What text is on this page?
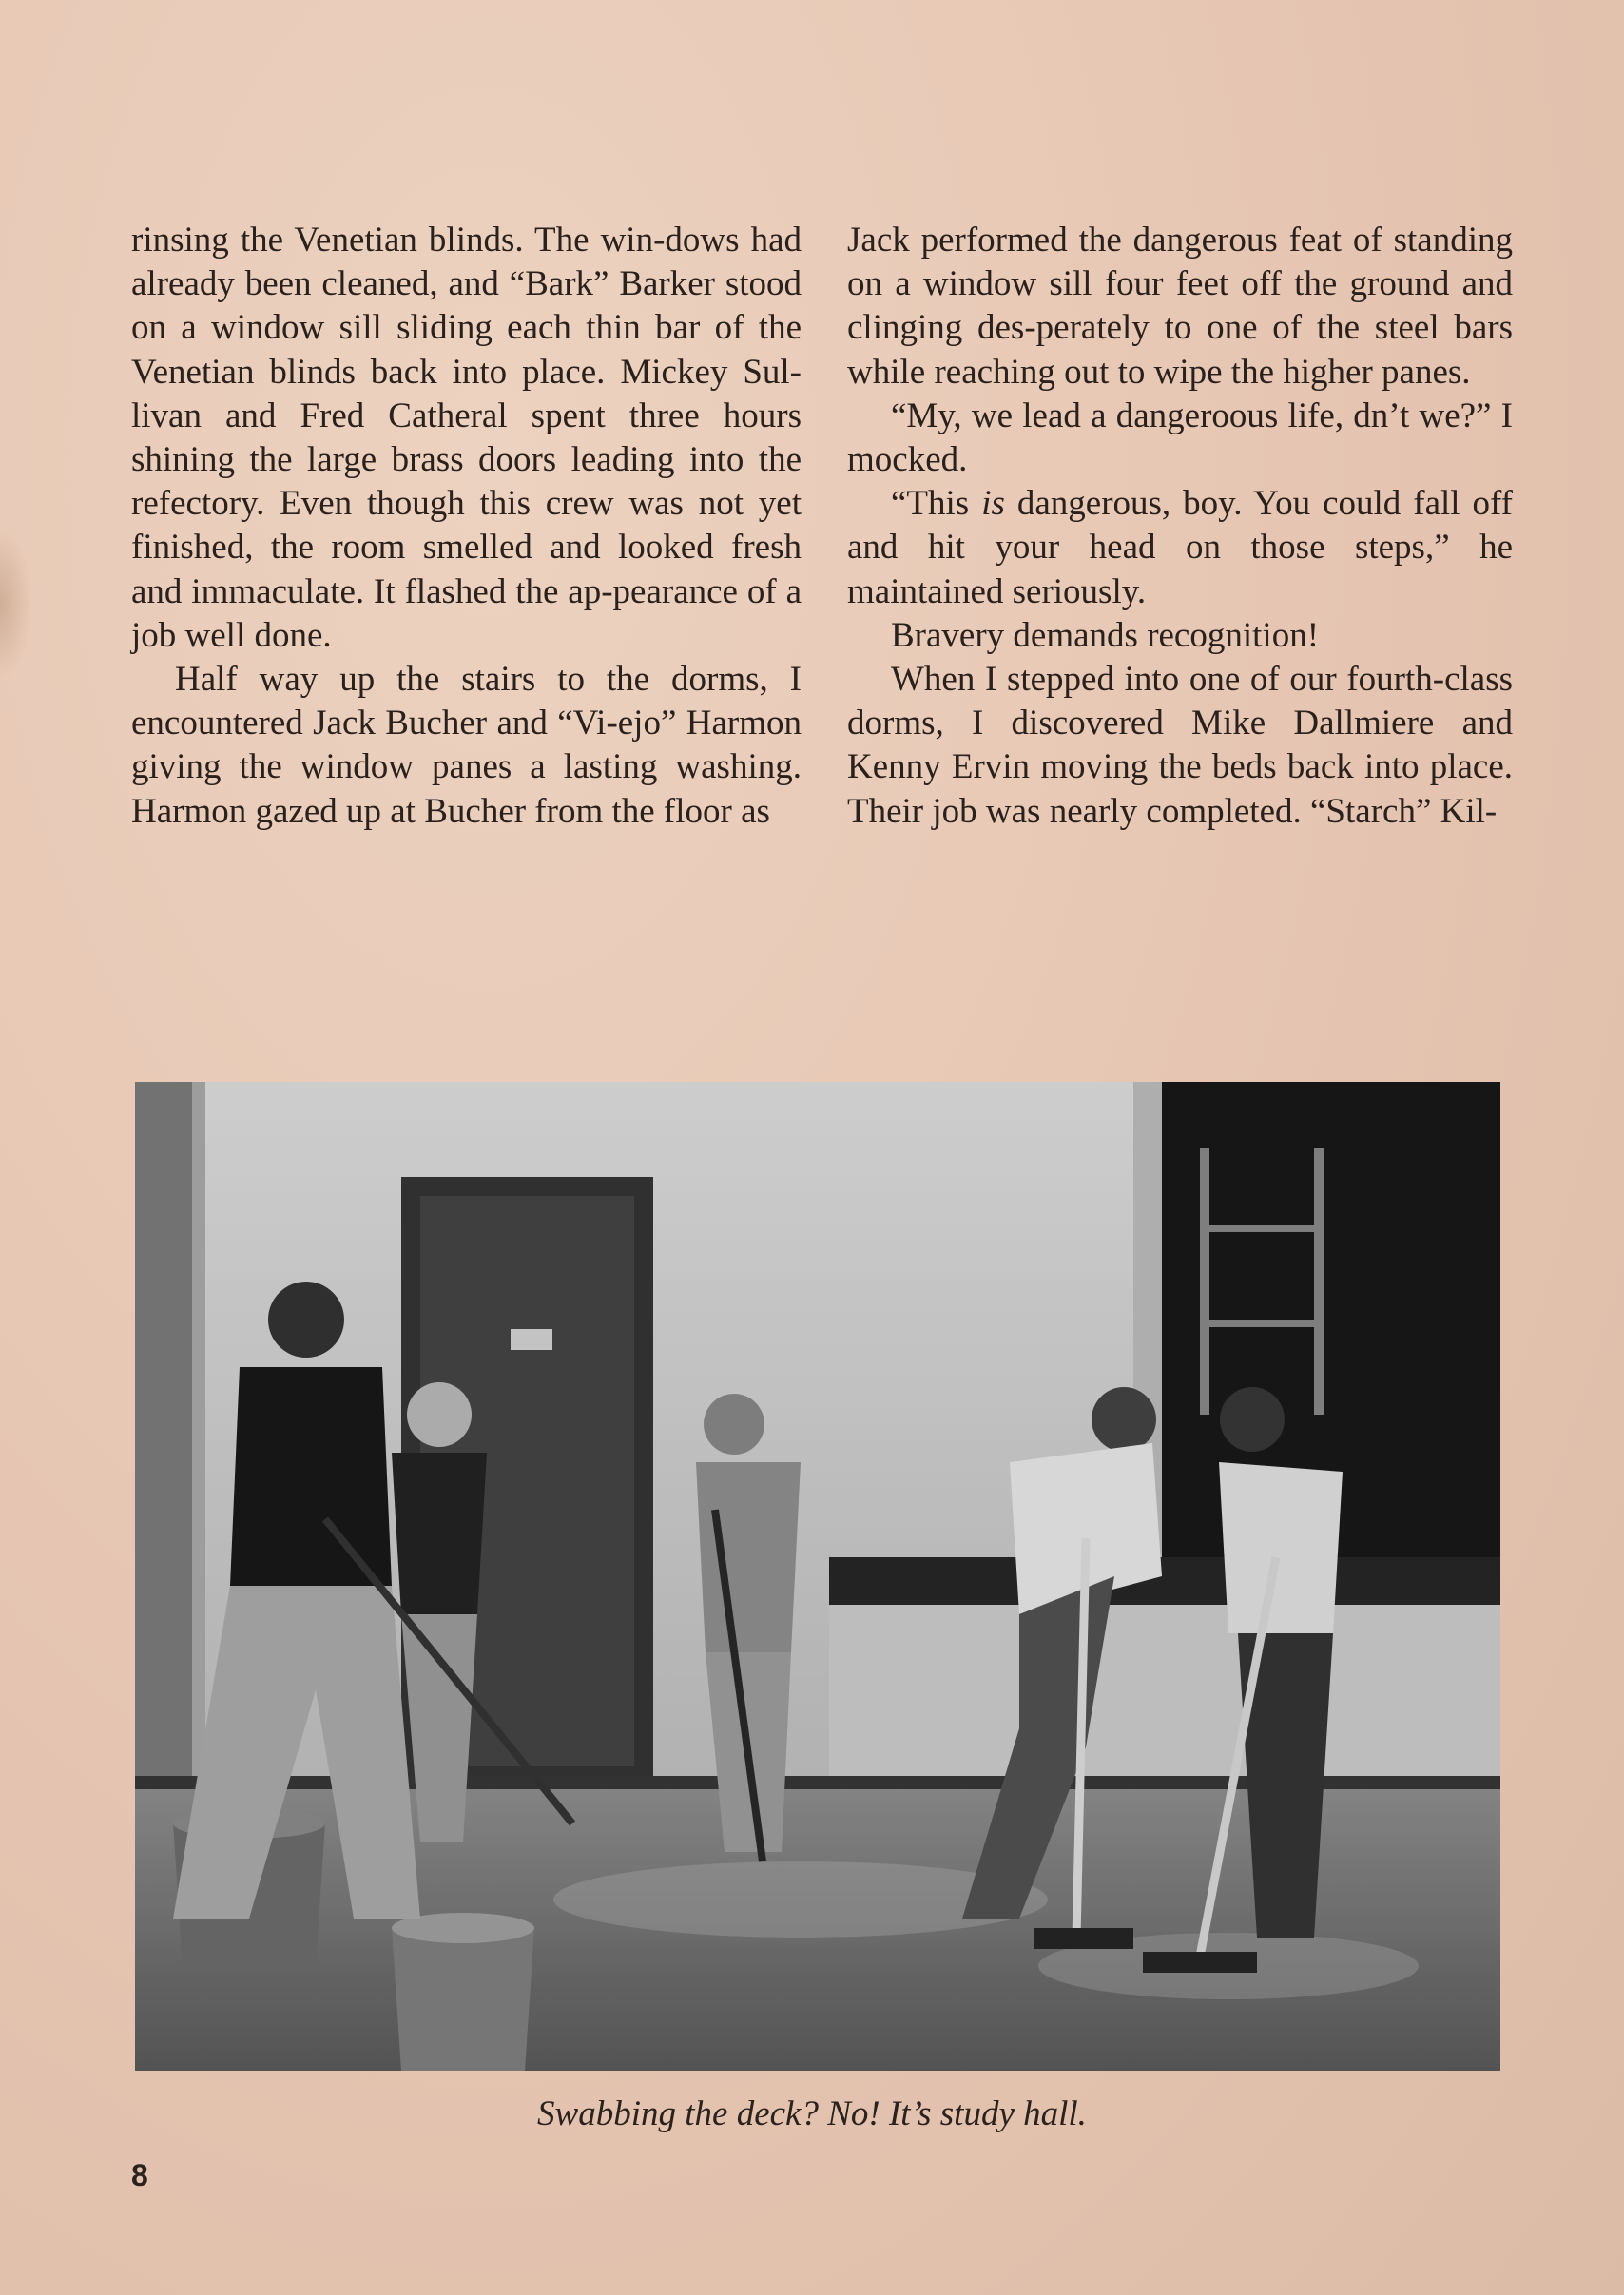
rinsing the Venetian blinds. The win-dows had already been cleaned, and “Bark” Barker stood on a window sill sliding each thin bar of the Venetian blinds back into place. Mickey Sul-livan and Fred Catheral spent three hours shining the large brass doors leading into the refectory. Even though this crew was not yet finished, the room smelled and looked fresh and immaculate. It flashed the ap-pearance of a job well done.

Half way up the stairs to the dorms, I encountered Jack Bucher and “Vi-ejo” Harmon giving the window panes a lasting washing. Harmon gazed up at Bucher from the floor as

Jack performed the dangerous feat of standing on a window sill four feet off the ground and clinging des-perately to one of the steel bars while reaching out to wipe the higher panes.

“My, we lead a dangeroous life, dn’t we?” I mocked.

“This is dangerous, boy. You could fall off and hit your head on those steps,” he maintained seriously.

Bravery demands recognition!

When I stepped into one of our fourth-class dorms, I discovered Mike Dallmiere and Kenny Ervin moving the beds back into place. Their job was nearly completed. “Starch” Kil-

Swabbing the deck? No! It’s study hall.
8
